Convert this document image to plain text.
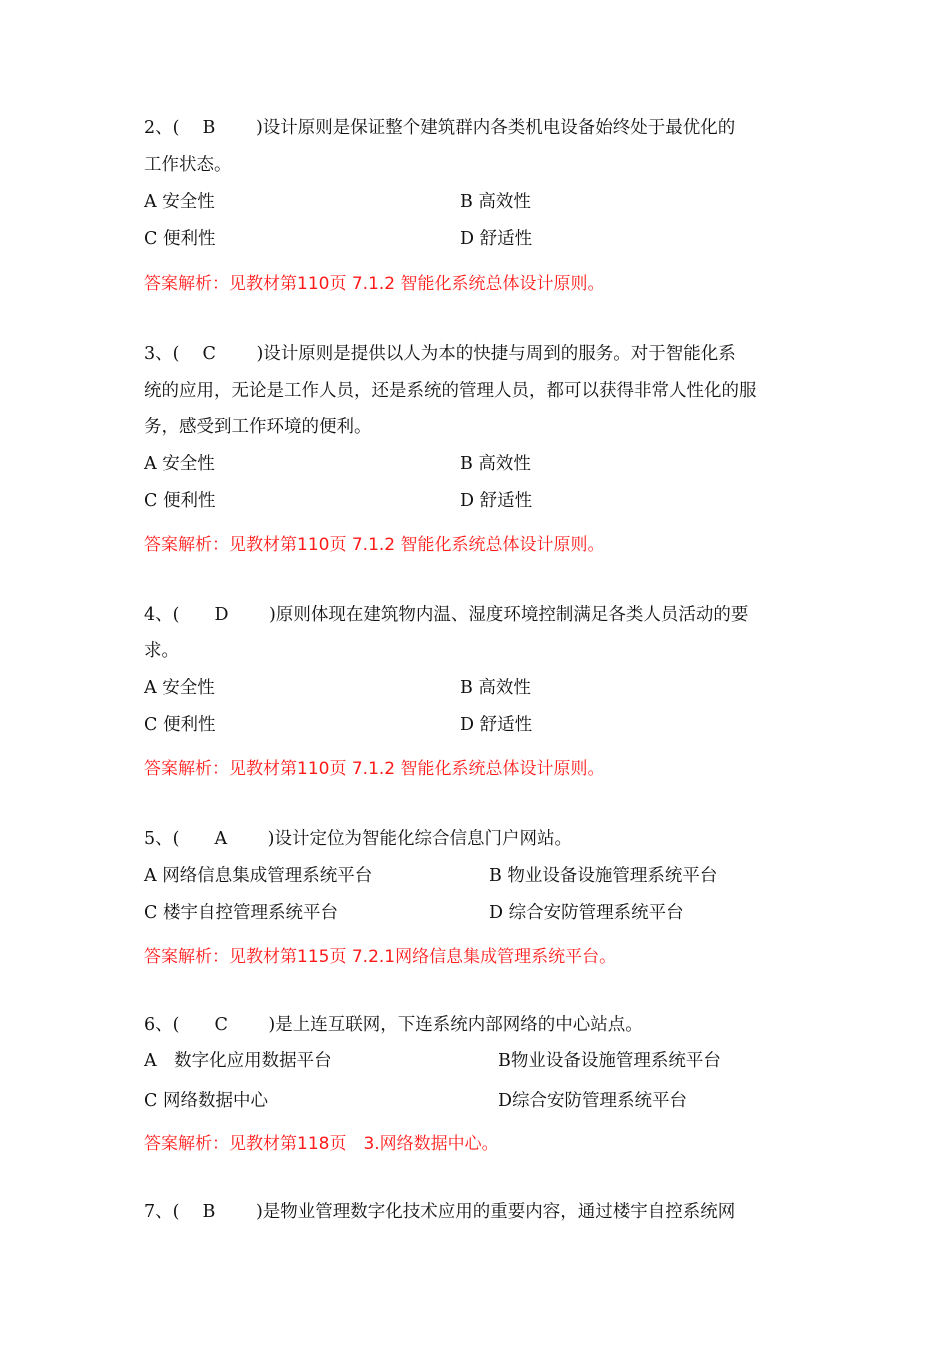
2、(　 B　　 )设计原则是保证整个建筑群内各类机电设备始终处于最优化的
工作状态。
A 安全性	B 高效性
C 便利性	D 舒适性
答案解析：见教材第110页 7.1.2 智能化系统总体设计原则。
3、(　 C　　 )设计原则是提供以人为本的快捷与周到的服务。对于智能化系
统的应用，无论是工作人员，还是系统的管理人员，都可以获得非常人性化的服
务，感受到工作环境的便利。
A 安全性	B 高效性
C 便利性	D 舒适性
答案解析：见教材第110页 7.1.2 智能化系统总体设计原则。
4、(　　D　　 )原则体现在建筑物内温、湿度环境控制满足各类人员活动的要
求。
A 安全性	B 高效性
C 便利性	D 舒适性
答案解析：见教材第110页 7.1.2 智能化系统总体设计原则。
5、(　　A　　 )设计定位为智能化综合信息门户网站。
A 网络信息集成管理系统平台	B 物业设备设施管理系统平台
C 楼宇自控管理系统平台	D 综合安防管理系统平台
答案解析：见教材第115页 7.2.1网络信息集成管理系统平台。
6、(　　C　　 )是上连互联网，下连系统内部网络的中心站点。
A　数字化应用数据平台	B物业设备设施管理系统平台
C 网络数据中心	D综合安防管理系统平台
答案解析：见教材第118页　3.网络数据中心。
7、(　 B　　 )是物业管理数字化技术应用的重要内容，通过楼宇自控系统网
